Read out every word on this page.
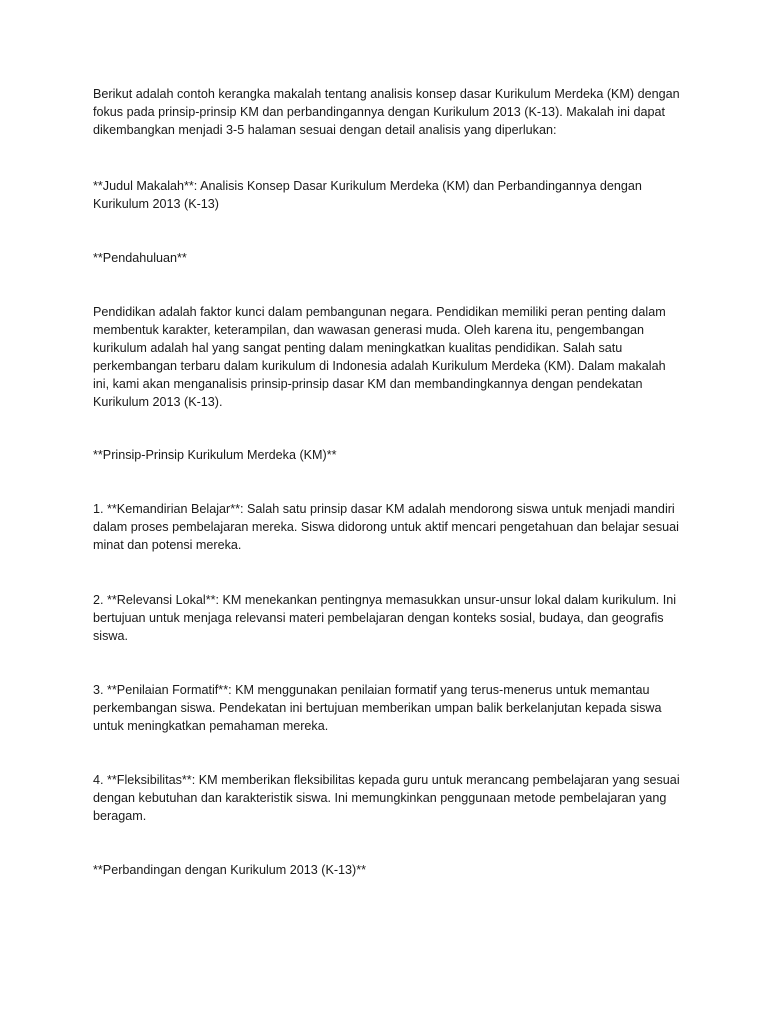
Berikut adalah contoh kerangka makalah tentang analisis konsep dasar Kurikulum Merdeka (KM) dengan fokus pada prinsip-prinsip KM dan perbandingannya dengan Kurikulum 2013 (K-13). Makalah ini dapat dikembangkan menjadi 3-5 halaman sesuai dengan detail analisis yang diperlukan:

**Judul Makalah**: Analisis Konsep Dasar Kurikulum Merdeka (KM) dan Perbandingannya dengan Kurikulum 2013 (K-13)

**Pendahuluan**

Pendidikan adalah faktor kunci dalam pembangunan negara. Pendidikan memiliki peran penting dalam membentuk karakter, keterampilan, dan wawasan generasi muda. Oleh karena itu, pengembangan kurikulum adalah hal yang sangat penting dalam meningkatkan kualitas pendidikan. Salah satu perkembangan terbaru dalam kurikulum di Indonesia adalah Kurikulum Merdeka (KM). Dalam makalah ini, kami akan menganalisis prinsip-prinsip dasar KM dan membandingkannya dengan pendekatan Kurikulum 2013 (K-13).

**Prinsip-Prinsip Kurikulum Merdeka (KM)**

1. **Kemandirian Belajar**: Salah satu prinsip dasar KM adalah mendorong siswa untuk menjadi mandiri dalam proses pembelajaran mereka. Siswa didorong untuk aktif mencari pengetahuan dan belajar sesuai minat dan potensi mereka.

2. **Relevansi Lokal**: KM menekankan pentingnya memasukkan unsur-unsur lokal dalam kurikulum. Ini bertujuan untuk menjaga relevansi materi pembelajaran dengan konteks sosial, budaya, dan geografis siswa.

3. **Penilaian Formatif**: KM menggunakan penilaian formatif yang terus-menerus untuk memantau perkembangan siswa. Pendekatan ini bertujuan memberikan umpan balik berkelanjutan kepada siswa untuk meningkatkan pemahaman mereka.

4. **Fleksibilitas**: KM memberikan fleksibilitas kepada guru untuk merancang pembelajaran yang sesuai dengan kebutuhan dan karakteristik siswa. Ini memungkinkan penggunaan metode pembelajaran yang beragam.

**Perbandingan dengan Kurikulum 2013 (K-13)**
